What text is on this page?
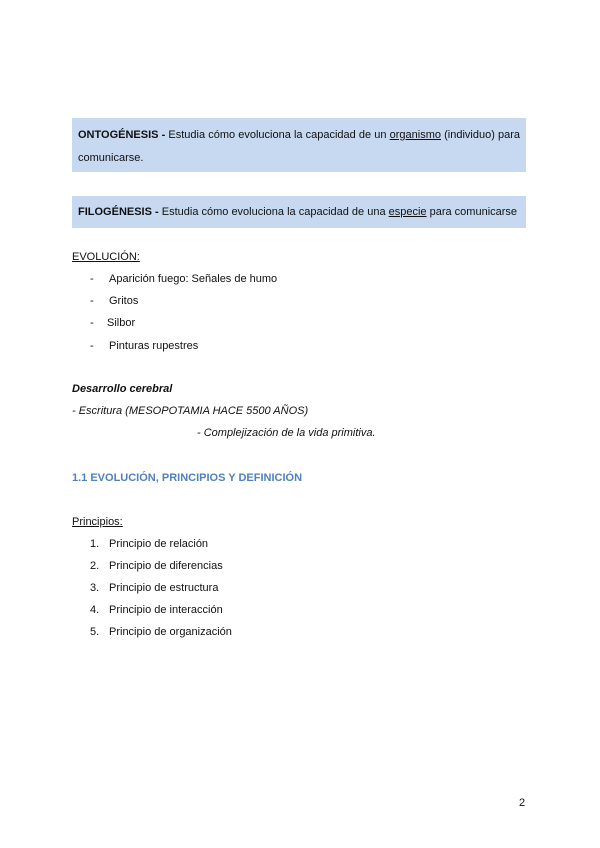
ONTOGÉNESIS - Estudia cómo evoluciona la capacidad de un organismo (individuo) para comunicarse.
FILOGÉNESIS - Estudia cómo evoluciona la capacidad de una especie para comunicarse
EVOLUCIÓN:
- Aparición fuego: Señales de humo
- Gritos
- Silbor
- Pinturas rupestres
Desarrollo cerebral
- Escritura (MESOPOTAMIA HACE 5500 AÑOS)
- Complejización de la vida primitiva.
1.1 EVOLUCIÓN, PRINCIPIOS Y DEFINICIÓN
Principios:
1. Principio de relación
2. Principio de diferencias
3. Principio de estructura
4. Principio de interacción
5. Principio de organización
2
